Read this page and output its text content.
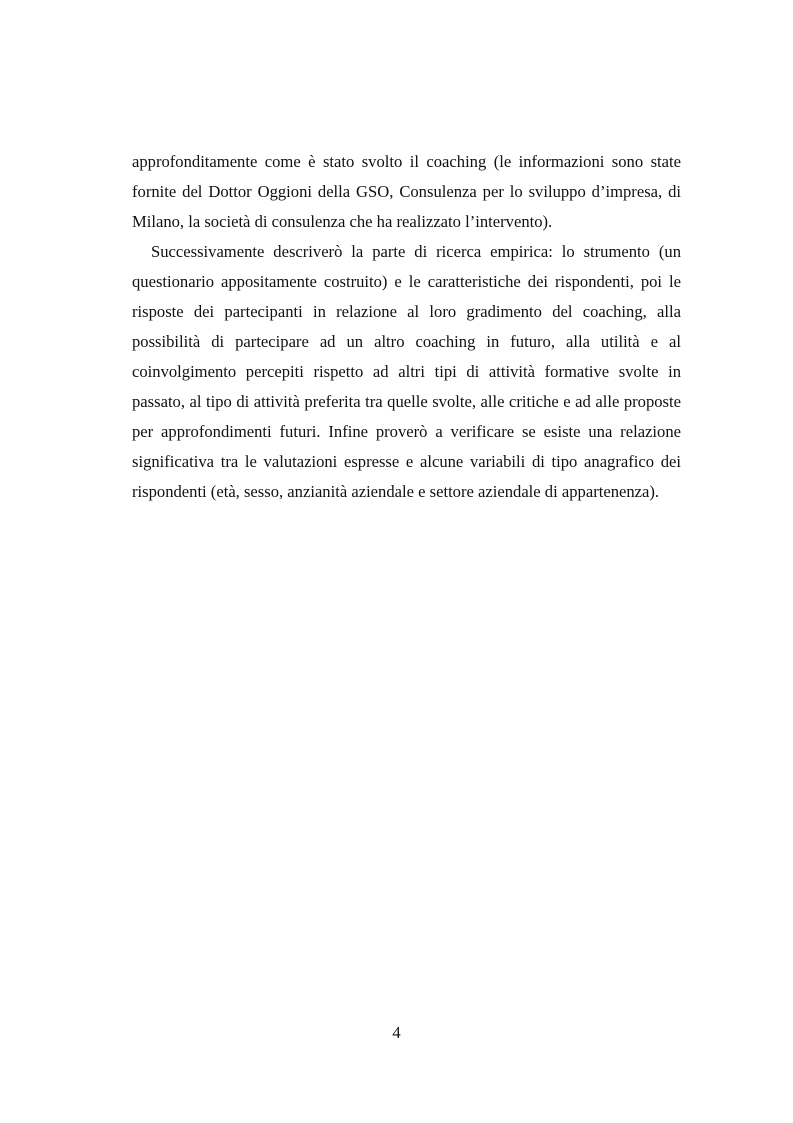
approfonditamente come è stato svolto il coaching (le informazioni sono state fornite del Dottor Oggioni della GSO, Consulenza per lo sviluppo d’impresa, di Milano, la società di consulenza che ha realizzato l’intervento).

Successivamente descriverò la parte di ricerca empirica: lo strumento (un questionario appositamente costruito) e le caratteristiche dei rispondenti, poi le risposte dei partecipanti in relazione al loro gradimento del coaching, alla possibilità di partecipare ad un altro coaching in futuro, alla utilità e al coinvolgimento percepiti rispetto ad altri tipi di attività formative svolte in passato, al tipo di attività preferita tra quelle svolte, alle critiche e ad alle proposte per approfondimenti futuri. Infine proverò a verificare se esiste una relazione significativa tra le valutazioni espresse e alcune variabili di tipo anagrafico dei rispondenti (età, sesso, anzianità aziendale e settore aziendale di appartenenza).

4
